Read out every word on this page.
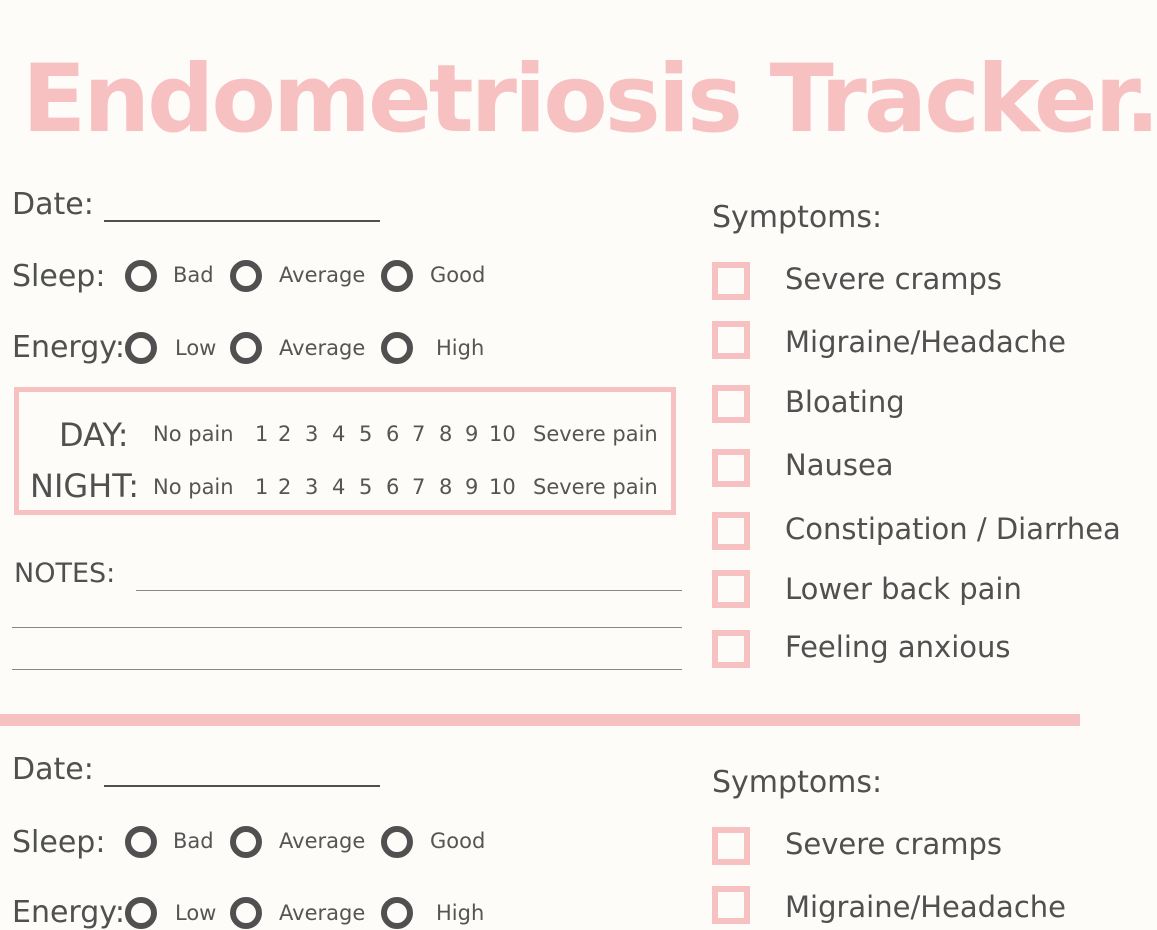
Endometriosis Tracker.
Date:
Sleep:	Bad	Average	Good
Energy: Low	Average	High
DAY: No pain 1 2 3 4 5 6 7 8 9 10 Severe pain
NIGHT: No pain 1 2 3 4 5 6 7 8 9 10 Severe pain
NOTES:
Symptoms:
Severe cramps
Migraine/Headache
Bloating
Nausea
Constipation / Diarrhea
Lower back pain
Feeling anxious
Date:
Sleep:	Bad	Average	Good
Energy: Low	Average	High
Symptoms:
Severe cramps
Migraine/Headache
